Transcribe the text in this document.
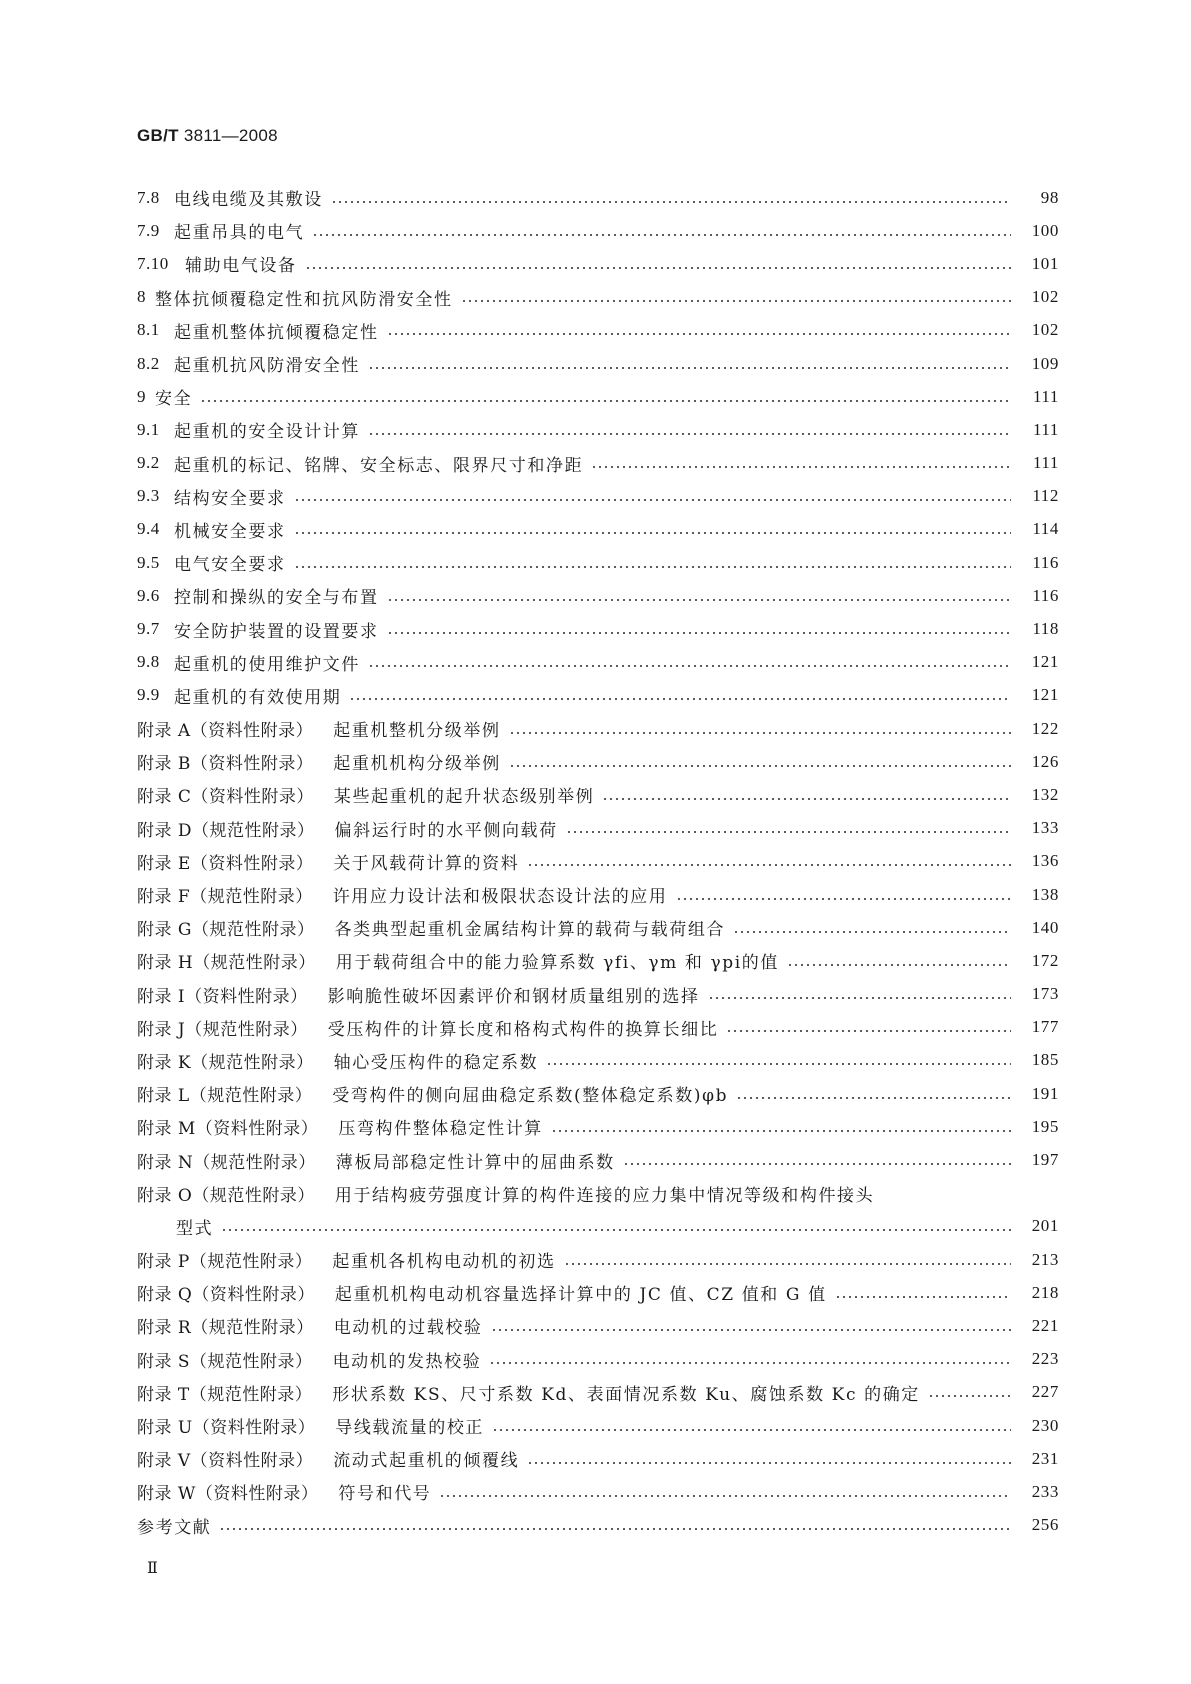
GB/T 3811—2008
7.8 电线电缆及其敷设	98
7.9 起重吊具的电气	100
7.10 辅助电气设备	101
8 整体抗倾覆稳定性和抗风防滑安全性	102
8.1 起重机整体抗倾覆稳定性	102
8.2 起重机抗风防滑安全性	109
9 安全	111
9.1 起重机的安全设计计算	111
9.2 起重机的标记、铭牌、安全标志、限界尺寸和净距	111
9.3 结构安全要求	112
9.4 机械安全要求	114
9.5 电气安全要求	116
9.6 控制和操纵的安全与布置	116
9.7 安全防护装置的设置要求	118
9.8 起重机的使用维护文件	121
9.9 起重机的有效使用期	121
附录 A（资料性附录） 起重机整机分级举例	122
附录 B（资料性附录） 起重机机构分级举例	126
附录 C（资料性附录） 某些起重机的起升状态级别举例	132
附录 D（规范性附录） 偏斜运行时的水平侧向载荷	133
附录 E（资料性附录） 关于风载荷计算的资料	136
附录 F（规范性附录） 许用应力设计法和极限状态设计法的应用	138
附录 G（规范性附录） 各类典型起重机金属结构计算的载荷与载荷组合	140
附录 H（规范性附录） 用于载荷组合中的能力验算系数 γfi、γm 和 γpi的值	172
附录 I（资料性附录） 影响脆性破坏因素评价和钢材质量组别的选择	173
附录 J（规范性附录） 受压构件的计算长度和格构式构件的换算长细比	177
附录 K（规范性附录） 轴心受压构件的稳定系数	185
附录 L（规范性附录） 受弯构件的侧向屈曲稳定系数(整体稳定系数)φb	191
附录 M（资料性附录） 压弯构件整体稳定性计算	195
附录 N（规范性附录） 薄板局部稳定性计算中的屈曲系数	197
附录 O（规范性附录） 用于结构疲劳强度计算的构件连接的应力集中情况等级和构件接头
型式	201
附录 P（规范性附录） 起重机各机构电动机的初选	213
附录 Q（资料性附录） 起重机机构电动机容量选择计算中的 JC 值、CZ 值和 G 值	218
附录 R（规范性附录） 电动机的过载校验	221
附录 S（规范性附录） 电动机的发热校验	223
附录 T（规范性附录） 形状系数 KS、尺寸系数 Kd、表面情况系数 Ku、腐蚀系数 Kc 的确定	227
附录 U（资料性附录） 导线载流量的校正	230
附录 V（资料性附录） 流动式起重机的倾覆线	231
附录 W（资料性附录） 符号和代号	233
参考文献	256
Ⅱ
